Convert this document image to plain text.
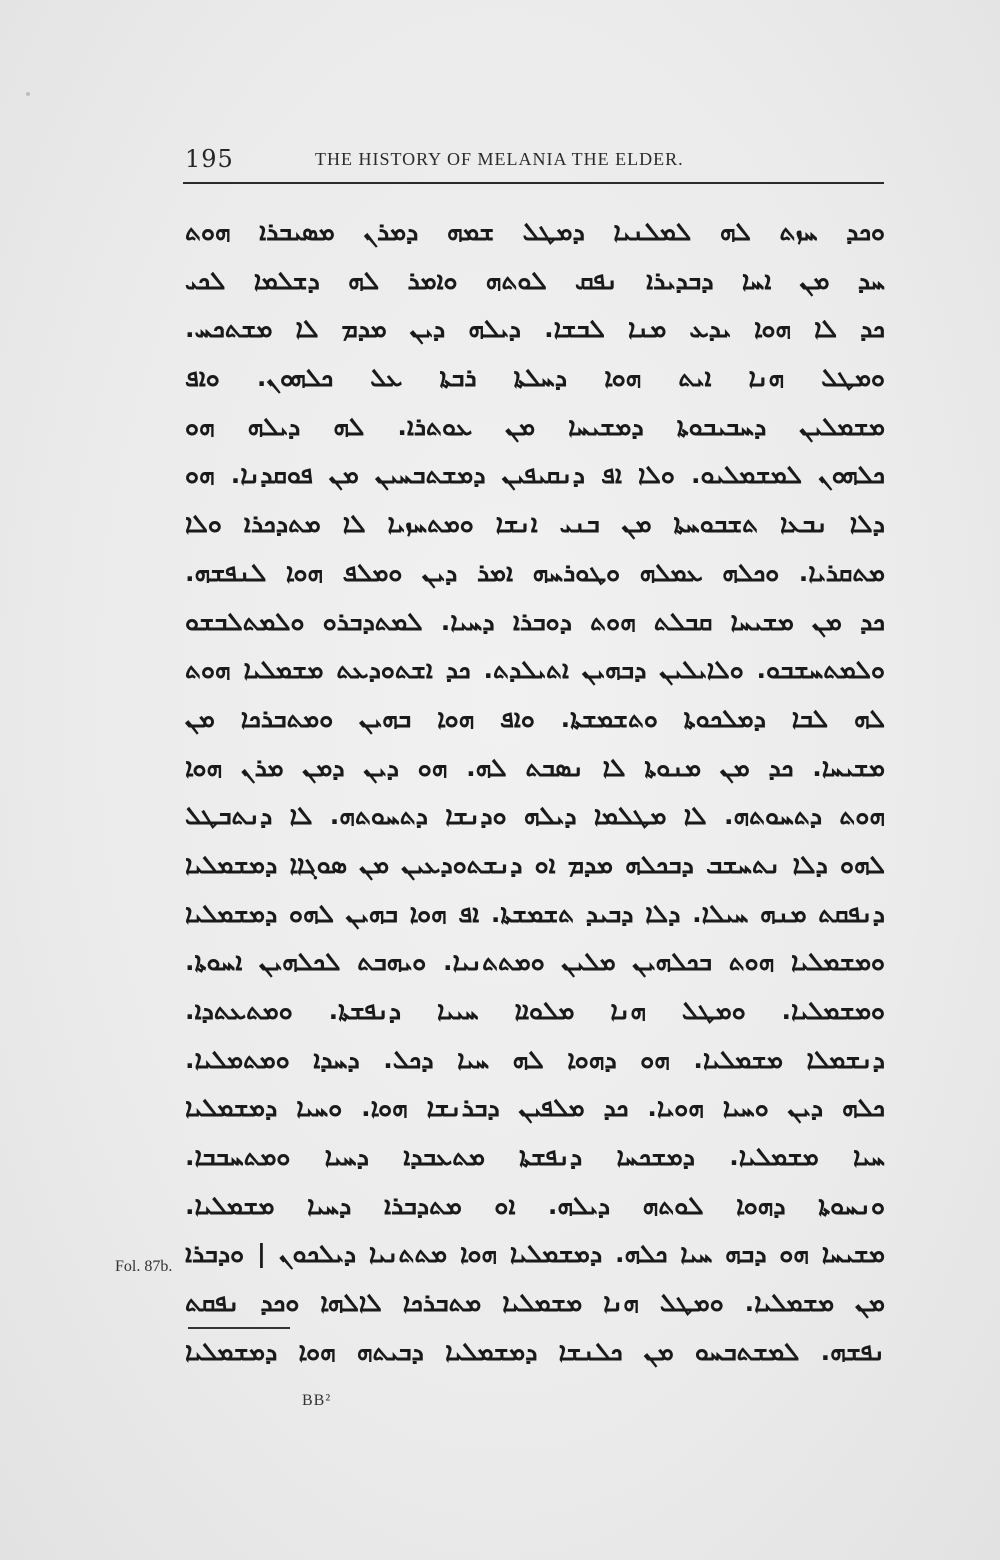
195	THE HISTORY OF MELANIA THE ELDER.
ܘܟܕ ܚܙܬ ܠܗ ܠܡܠܢܝܐ ܕܡܛܠ ܫܡܗ ܕܡܪܢ ܡܣܝܒܪܐ ܗܘܬ
ܚܕ ܡܢ ܐܚܐ ܕܒܕܝܪܐ ܢܦܩ ܠܘܬܗ ܘܐܡܪ ܠܗ ܕܫܠܡܐ ܠܟܝ
ܟܕ ܠܐ ܗܘܐ ܝܕܥ ܡܢܐ ܠܒܫܐ. ܕܝܠܗ ܕܝܢ ܡܕܡ ܠܐ ܡܫܬܟܚ.
ܘܡܛܠ ܗܢܐ ܐܝܬ ܗܘܐ ܕܚܠܬܐ ܪܒܬܐ ܥܠ ܟܠܗܘܢ. ܘܐܦ
ܡܫܡܠܝܢ ܕܚܒܝܒܘܬܐ ܕܡܫܝܚܐ ܡܢ ܥܘܬܪܐ. ܠܗ ܕܝܠܗ ܗܘ
ܟܠܗܘܢ ܠܡܫܡܠܝܘ. ܘܠܐ ܐܦ ܕܢܩܝܦܝܢ ܕܡܫܬܒܚܝܢ ܡܢ ܦܘܩܕܢܐ. ܗܘ
ܕܠܐ ܢܒܥܐ ܬܫܒܘܚܬܐ ܡܢ ܒܢܝ ܐܢܫܐ ܘܡܬܚܙܝܐ ܠܐ ܡܬܕܟܪܐ ܘܠܐ
ܡܬܩܪܝܐ. ܘܟܠܗ ܥܡܠܗ ܘܛܘܪܚܗ ܐܡܪ ܕܝܢ ܘܡܠܦ ܗܘܐ ܠܢܦܫܗ.
ܟܕ ܡܢ ܡܫܝܚܐ ܩܒܠܬ ܗܘܬ ܕܘܒܪܐ ܕܚܝܐ. ܠܡܬܕܒܪܘ ܘܠܡܬܠܒܫܘ
ܘܠܡܬܚܫܒܘ. ܘܠܐܝܠܝܢ ܕܒܗܝܢ ܐܬܝܠܕܬ. ܟܕ ܐܫܬܘܕܥܬ ܡܫܡܠܝܐ ܗܘܬ
ܠܗ ܠܒܐ ܕܡܠܟܘܬܐ ܘܬܫܡܫܬܐ. ܘܐܦ ܗܘܐ ܒܗܝܢ ܘܡܬܒܪܟܐ ܡܢ
ܡܫܝܚܐ. ܟܕ ܡܢ ܡܢܘܬܐ ܠܐ ܢܣܒܬ ܠܗ. ܗܘ ܕܝܢ ܕܡܢ ܡܪܢ ܗܘܐ
ܗܘܬ ܕܬܚܘܬܗ. ܠܐ ܡܛܠܡܐ ܕܝܠܗ ܘܕܢܫܐ ܕܬܚܘܬܗ. ܠܐ ܕܢܬܒܛܠ
ܠܗܘ ܕܠܐ ܢܬܚܫܒ ܕܒܟܠܗ ܡܕܡ ܐܘ ܕܢܫܬܘܕܥܝܢ ܡܢ ܣܘܓܐܐ ܕܡܫܡܠܝܐ
ܕܢܦܩܬ ܡܢܗ ܚܝܠܐ. ܕܠܐ ܕܒܝܕ ܬܫܡܫܬܐ. ܐܦ ܗܘܐ ܒܗܝܢ ܠܗܘ ܕܡܫܡܠܝܐ
ܘܡܫܡܠܝܐ ܗܘܬ ܒܟܠܗܝܢ ܡܠܝܢ ܘܡܬܬܢܝܐ. ܘܝܗܒܬ ܠܟܠܗܝܢ ܐܚܘܬܐ.
ܘܡܫܡܠܝܐ. ܘܡܛܠ ܗܢܐ ܡܠܘܐܐ ܚܝܝܐ ܕܢܦܫܬܐ. ܘܡܬܥܬܕܐ.
ܕܢܫܡܠܐ ܡܫܡܠܝܐ. ܗܘ ܕܗܘܐ ܠܗ ܚܝܐ ܕܟܠ. ܕܚܕܐ ܘܡܬܡܠܝܐ.
ܟܠܗ ܕܝܢ ܘܚܝܐ ܗܘܝܐ. ܟܕ ܡܠܦܝܢ ܕܒܪܢܫܐ ܗܘܐ. ܘܚܝܐ ܕܡܫܡܠܝܐ
ܚܝܐ ܡܫܡܠܝܐ. ܕܡܫܟܚܐ ܕܢܦܫܬܐ ܡܬܥܒܕܐ ܕܚܝܐ ܘܡܬܚܒܒܐ.
ܘܢܚܘܬܐ ܕܗܘܐ ܠܘܬܗ ܕܝܠܗ. ܐܘ ܡܬܕܒܪܐ ܕܚܝܐ ܡܫܡܠܝܐ.
ܡܫܝܚܐ ܗܘ ܕܒܗ ܚܝܐ ܟܠܗ. ܕܡܫܡܠܝܐ ܗܘܐ ܡܬܬܢܝܐ ܕܝܠܟܘܢ | ܘܕܒܪܐ
ܡܢ ܡܫܡܠܝܐ. ܘܡܛܠ ܗܢܐ ܡܫܡܠܝܐ ܡܬܒܪܟܐ ܠܐܠܗܐ ܘܟܕ ܢܦܩܬ
ܢܦܫܗ. ܠܡܫܬܒܚܘ ܡܢ ܟܠܢܫܐ ܕܡܫܡܠܝܐ ܕܒܝܬܗ ܗܘܐ ܕܡܫܡܠܝܐ
Fol. 87b.
BB²
